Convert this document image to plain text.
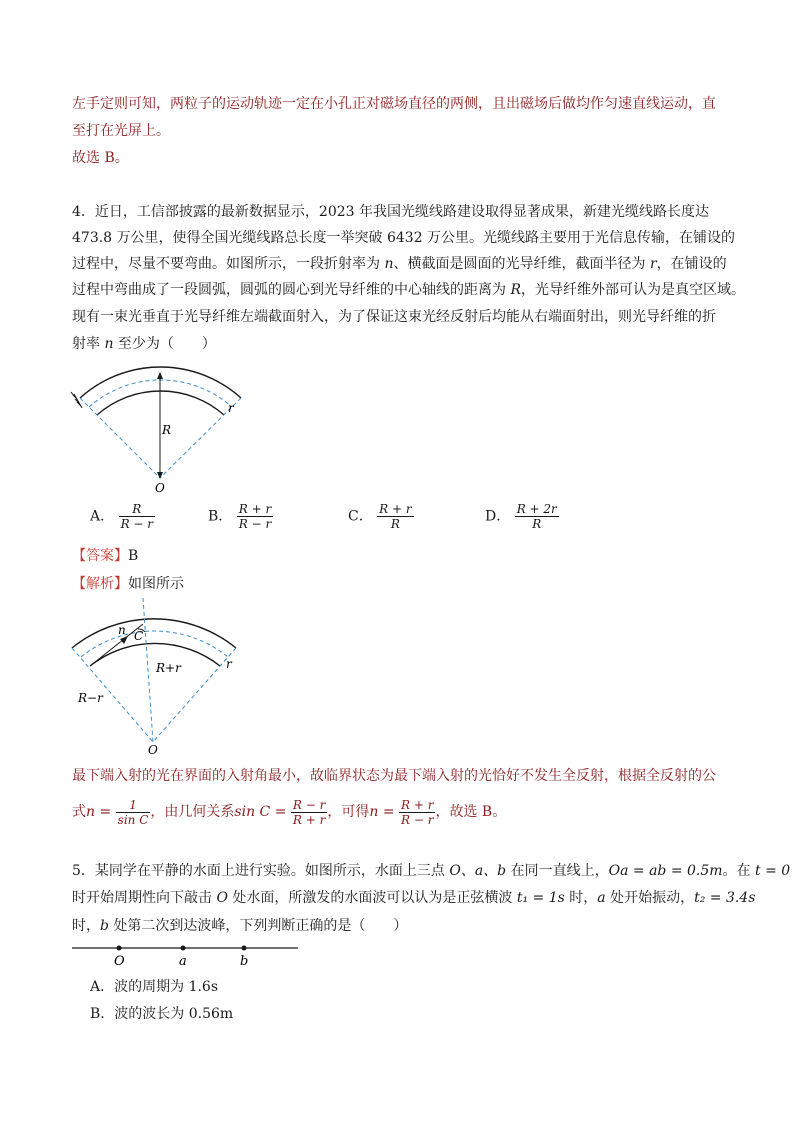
左手定则可知，两粒子的运动轨迹一定在小孔正对磁场直径的两侧，且出磁场后做均作匀速直线运动，直
至打在光屏上。
故选 B。
4．近日，工信部披露的最新数据显示，2023 年我国光缆线路建设取得显著成果，新建光缆线路长度达
473.8 万公里，使得全国光缆线路总长度一举突破 6432 万公里。光缆线路主要用于光信息传输，在铺设的
过程中，尽量不要弯曲。如图所示，一段折射率为 n、横截面是圆面的光导纤维，截面半径为 r，在铺设的
过程中弯曲成了一段圆弧，圆弧的圆心到光导纤维的中心轴线的距离为 R，光导纤维外部可认为是真空区域。
现有一束光垂直于光导纤维左端截面射入，为了保证这束光经反射后均能从右端面射出，则光导纤维的折
射率 n 至少为（　　）
R
r
O
A． $\frac{R}{R - r}$	B． $\frac{R + r}{R - r}$	C． $\frac{R + r}{R}$	D． $\frac{R + 2r}{R}$
【答案】B
【解析】如图所示
n C
R+r
R−r
r
O
最下端入射的光在界面的入射角最小，故临界状态为最下端入射的光恰好不发生全反射，根据全反射的公
式$n = \frac{1}{\text{sin C}}$ ，由几何关系$\sin C = \frac{R - r}{R + r}$ ，可得$n = \frac{R + r}{R - r}$ ，故选 B。
5．某同学在平静的水面上进行实验。如图所示，水面上三点 O、a、b 在同一直线上，Oa = ab = 0.5m。在 t = 0
时开始周期性向下敲击 O 处水面，所激发的水面波可以认为是正弦横波 t₁ = 1s 时，a 处开始振动，t₂ = 3.4s
时，b 处第二次到达波峰，下列判断正确的是（　　）
O	a	b
A．波的周期为 1.6s
B．波的波长为 0.56m
